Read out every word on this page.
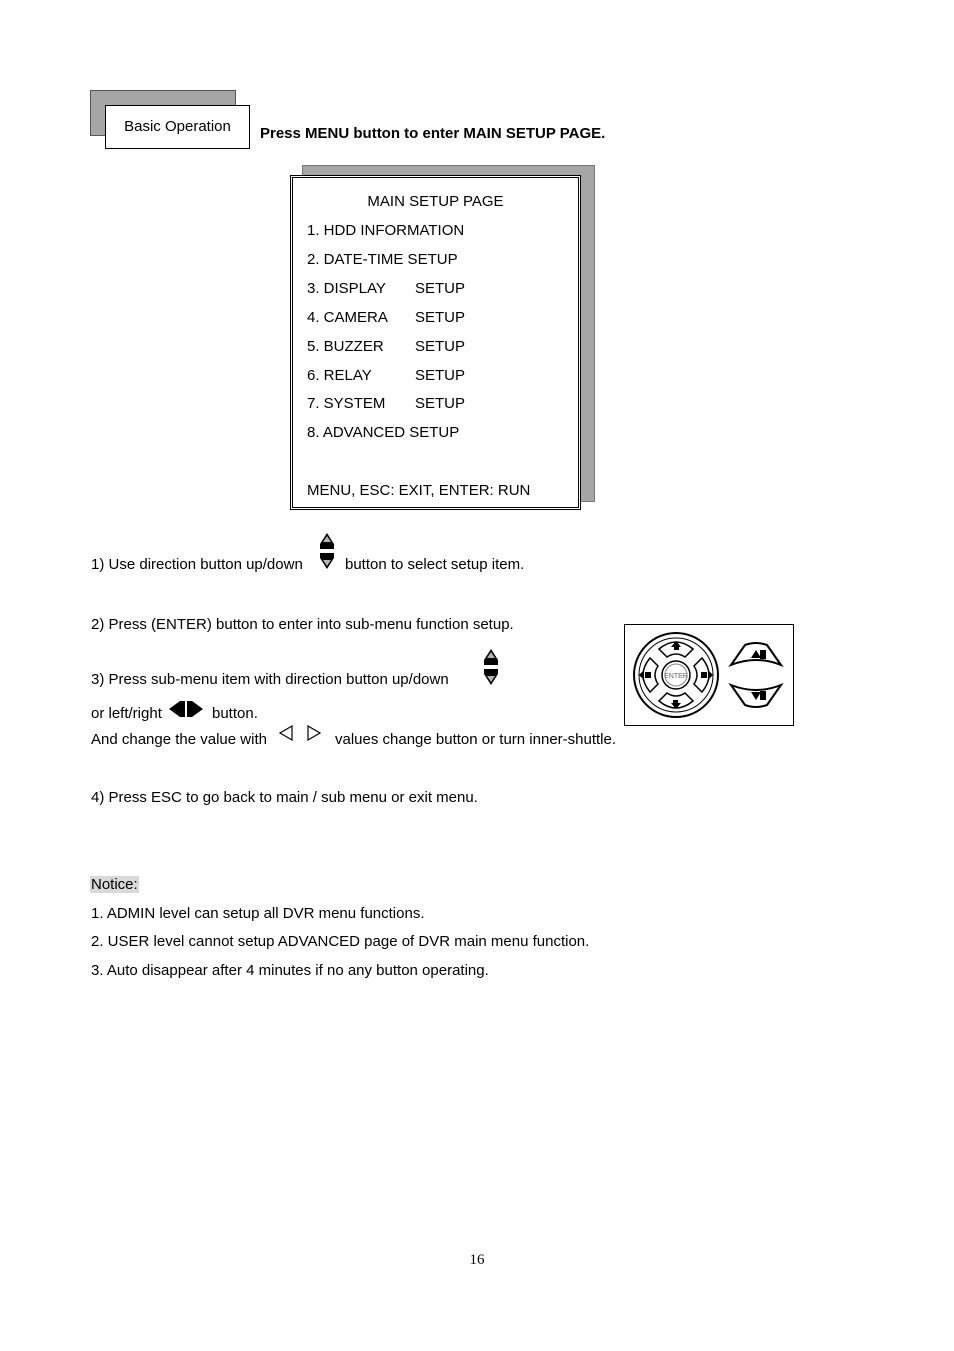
Basic Operation	Press MENU button to enter MAIN SETUP PAGE.
MAIN SETUP PAGE
1. HDD INFORMATION
2. DATE-TIME SETUP
3. DISPLAY SETUP
4. CAMERA SETUP
5. BUZZER SETUP
6. RELAY	SETUP
7. SYSTEM SETUP
8. ADVANCED SETUP
MENU, ESC: EXIT, ENTER: RUN
1) Use direction button up/down	button to select setup item.
2) Press (ENTER) button to enter into sub-menu function setup.
3) Press sub-menu item with direction button up/down
or left/right	button.
And change the value with	values change button or turn inner-shuttle.
4) Press ESC to go back to main / sub menu or exit menu.
ENTER
Notice:
1. ADMIN level can setup all DVR menu functions.
2. USER level cannot setup ADVANCED page of DVR main menu function.
3. Auto disappear after 4 minutes if no any button operating.
16
